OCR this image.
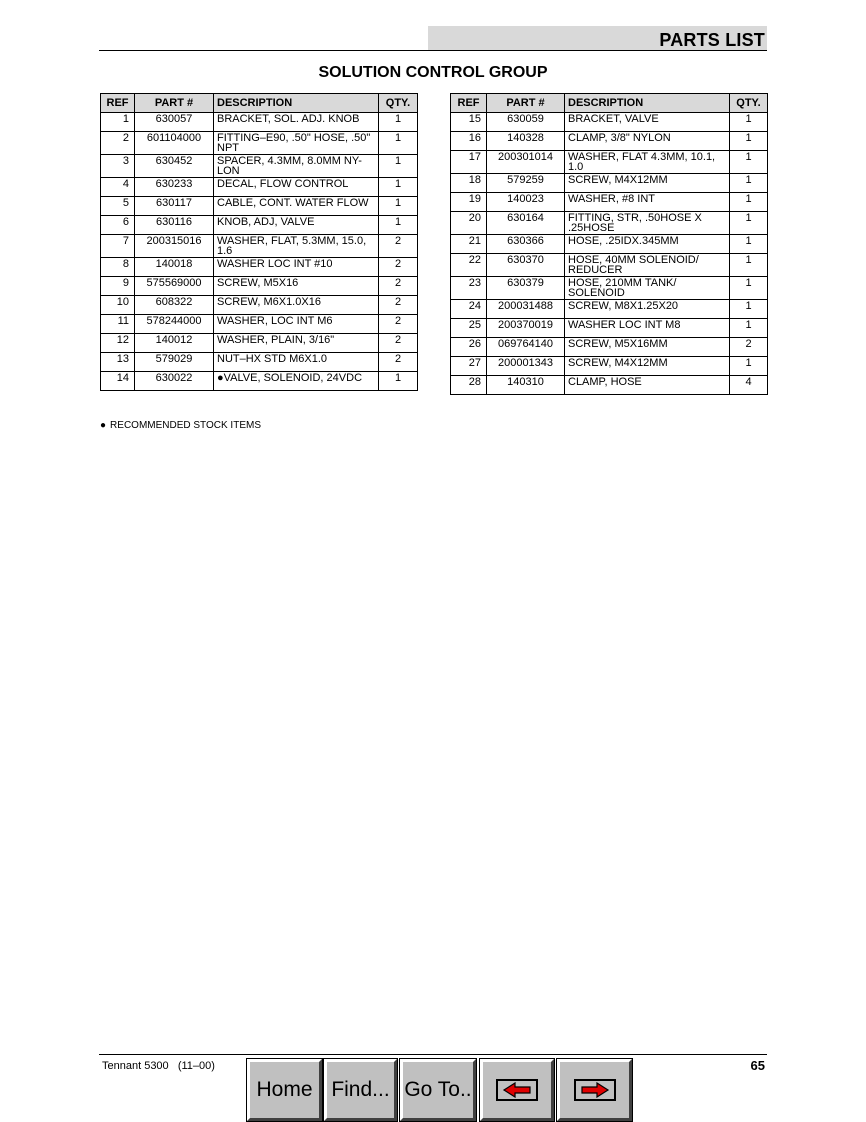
PARTS LIST
SOLUTION CONTROL GROUP
REF	PART #	DESCRIPTION	QTY.
1	630057	BRACKET, SOL. ADJ. KNOB	1
2	601104000	FITTING–E90, .50" HOSE, .50" NPT	1
3	630452	SPACER, 4.3MM, 8.0MM NY-LON	1
4	630233	DECAL, FLOW CONTROL	1
5	630117	CABLE, CONT. WATER FLOW	1
6	630116	KNOB, ADJ, VALVE	1
7	200315016	WASHER, FLAT, 5.3MM, 15.0, 1.6	2
8	140018	WASHER LOC INT #10	2
9	575569000	SCREW, M5X16	2
10	608322	SCREW, M6X1.0X16	2
11	578244000	WASHER, LOC INT M6	2
12	140012	WASHER, PLAIN, 3/16"	2
13	579029	NUT–HX STD M6X1.0	2
14	630022	●VALVE, SOLENOID, 24VDC	1
REF	PART #	DESCRIPTION	QTY.
15	630059	BRACKET, VALVE	1
16	140328	CLAMP, 3/8" NYLON	1
17	200301014	WASHER, FLAT 4.3MM, 10.1, 1.0	1
18	579259	SCREW, M4X12MM	1
19	140023	WASHER, #8 INT	1
20	630164	FITTING, STR, .50HOSE X .25HOSE	1
21	630366	HOSE, .25IDX.345MM	1
22	630370	HOSE, 40MM SOLENOID/ REDUCER	1
23	630379	HOSE, 210MM TANK/ SOLENOID	1
24	200031488	SCREW, M8X1.25X20	1
25	200370019	WASHER LOC INT M8	1
26	069764140	SCREW, M5X16MM	2
27	200001343	SCREW, M4X12MM	1
28	140310	CLAMP, HOSE	4
● RECOMMENDED STOCK ITEMS
Tennant 5300   (11–00)	65
Home Find... Go To..
